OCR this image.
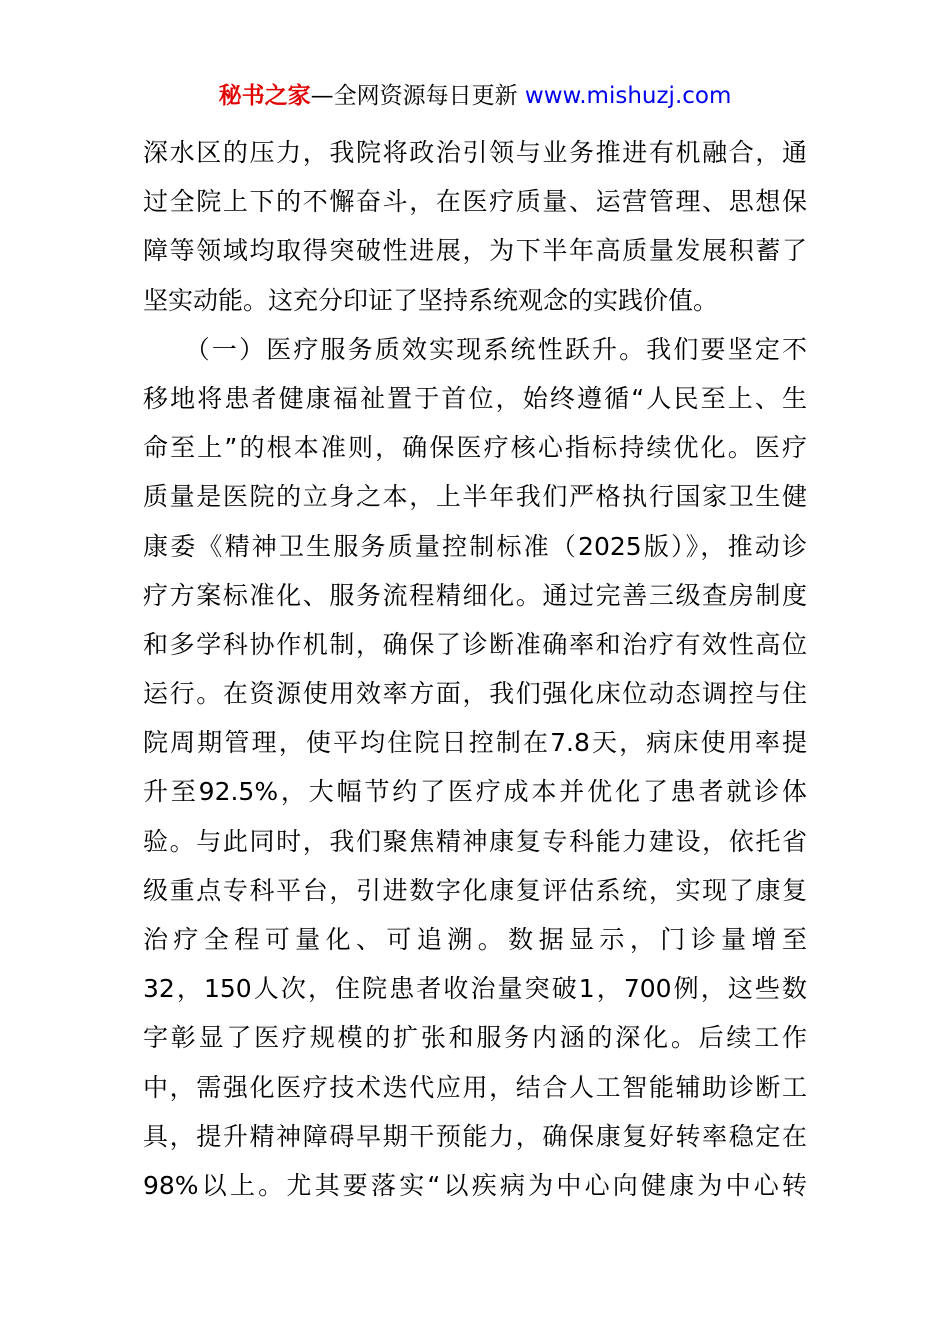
秘书之家—全网资源每日更新 www.mishuzj.com
深水区的压力，我院将政治引领与业务推进有机融合，通
过全院上下的不懈奋斗，在医疗质量、运营管理、思想保
障等领域均取得突破性进展，为下半年高质量发展积蓄了
坚实动能。这充分印证了坚持系统观念的实践价值。
　　（一）医疗服务质效实现系统性跃升。我们要坚定不
移地将患者健康福祉置于首位，始终遵循“人民至上、生
命至上”的根本准则，确保医疗核心指标持续优化。医疗
质量是医院的立身之本，上半年我们严格执行国家卫生健
康委《精神卫生服务质量控制标准（2025版）》，推动诊
疗方案标准化、服务流程精细化。通过完善三级查房制度
和多学科协作机制，确保了诊断准确率和治疗有效性高位
运行。在资源使用效率方面，我们强化床位动态调控与住
院周期管理，使平均住院日控制在7.8天，病床使用率提
升至92.5%，大幅节约了医疗成本并优化了患者就诊体
验。与此同时，我们聚焦精神康复专科能力建设，依托省
级重点专科平台，引进数字化康复评估系统，实现了康复
治疗全程可量化、可追溯。数据显示，门诊量增至
32，150人次，住院患者收治量突破1，700例，这些数
字彰显了医疗规模的扩张和服务内涵的深化。后续工作
中，需强化医疗技术迭代应用，结合人工智能辅助诊断工
具，提升精神障碍早期干预能力，确保康复好转率稳定在
98%以上。尤其要落实“以疾病为中心向健康为中心转
